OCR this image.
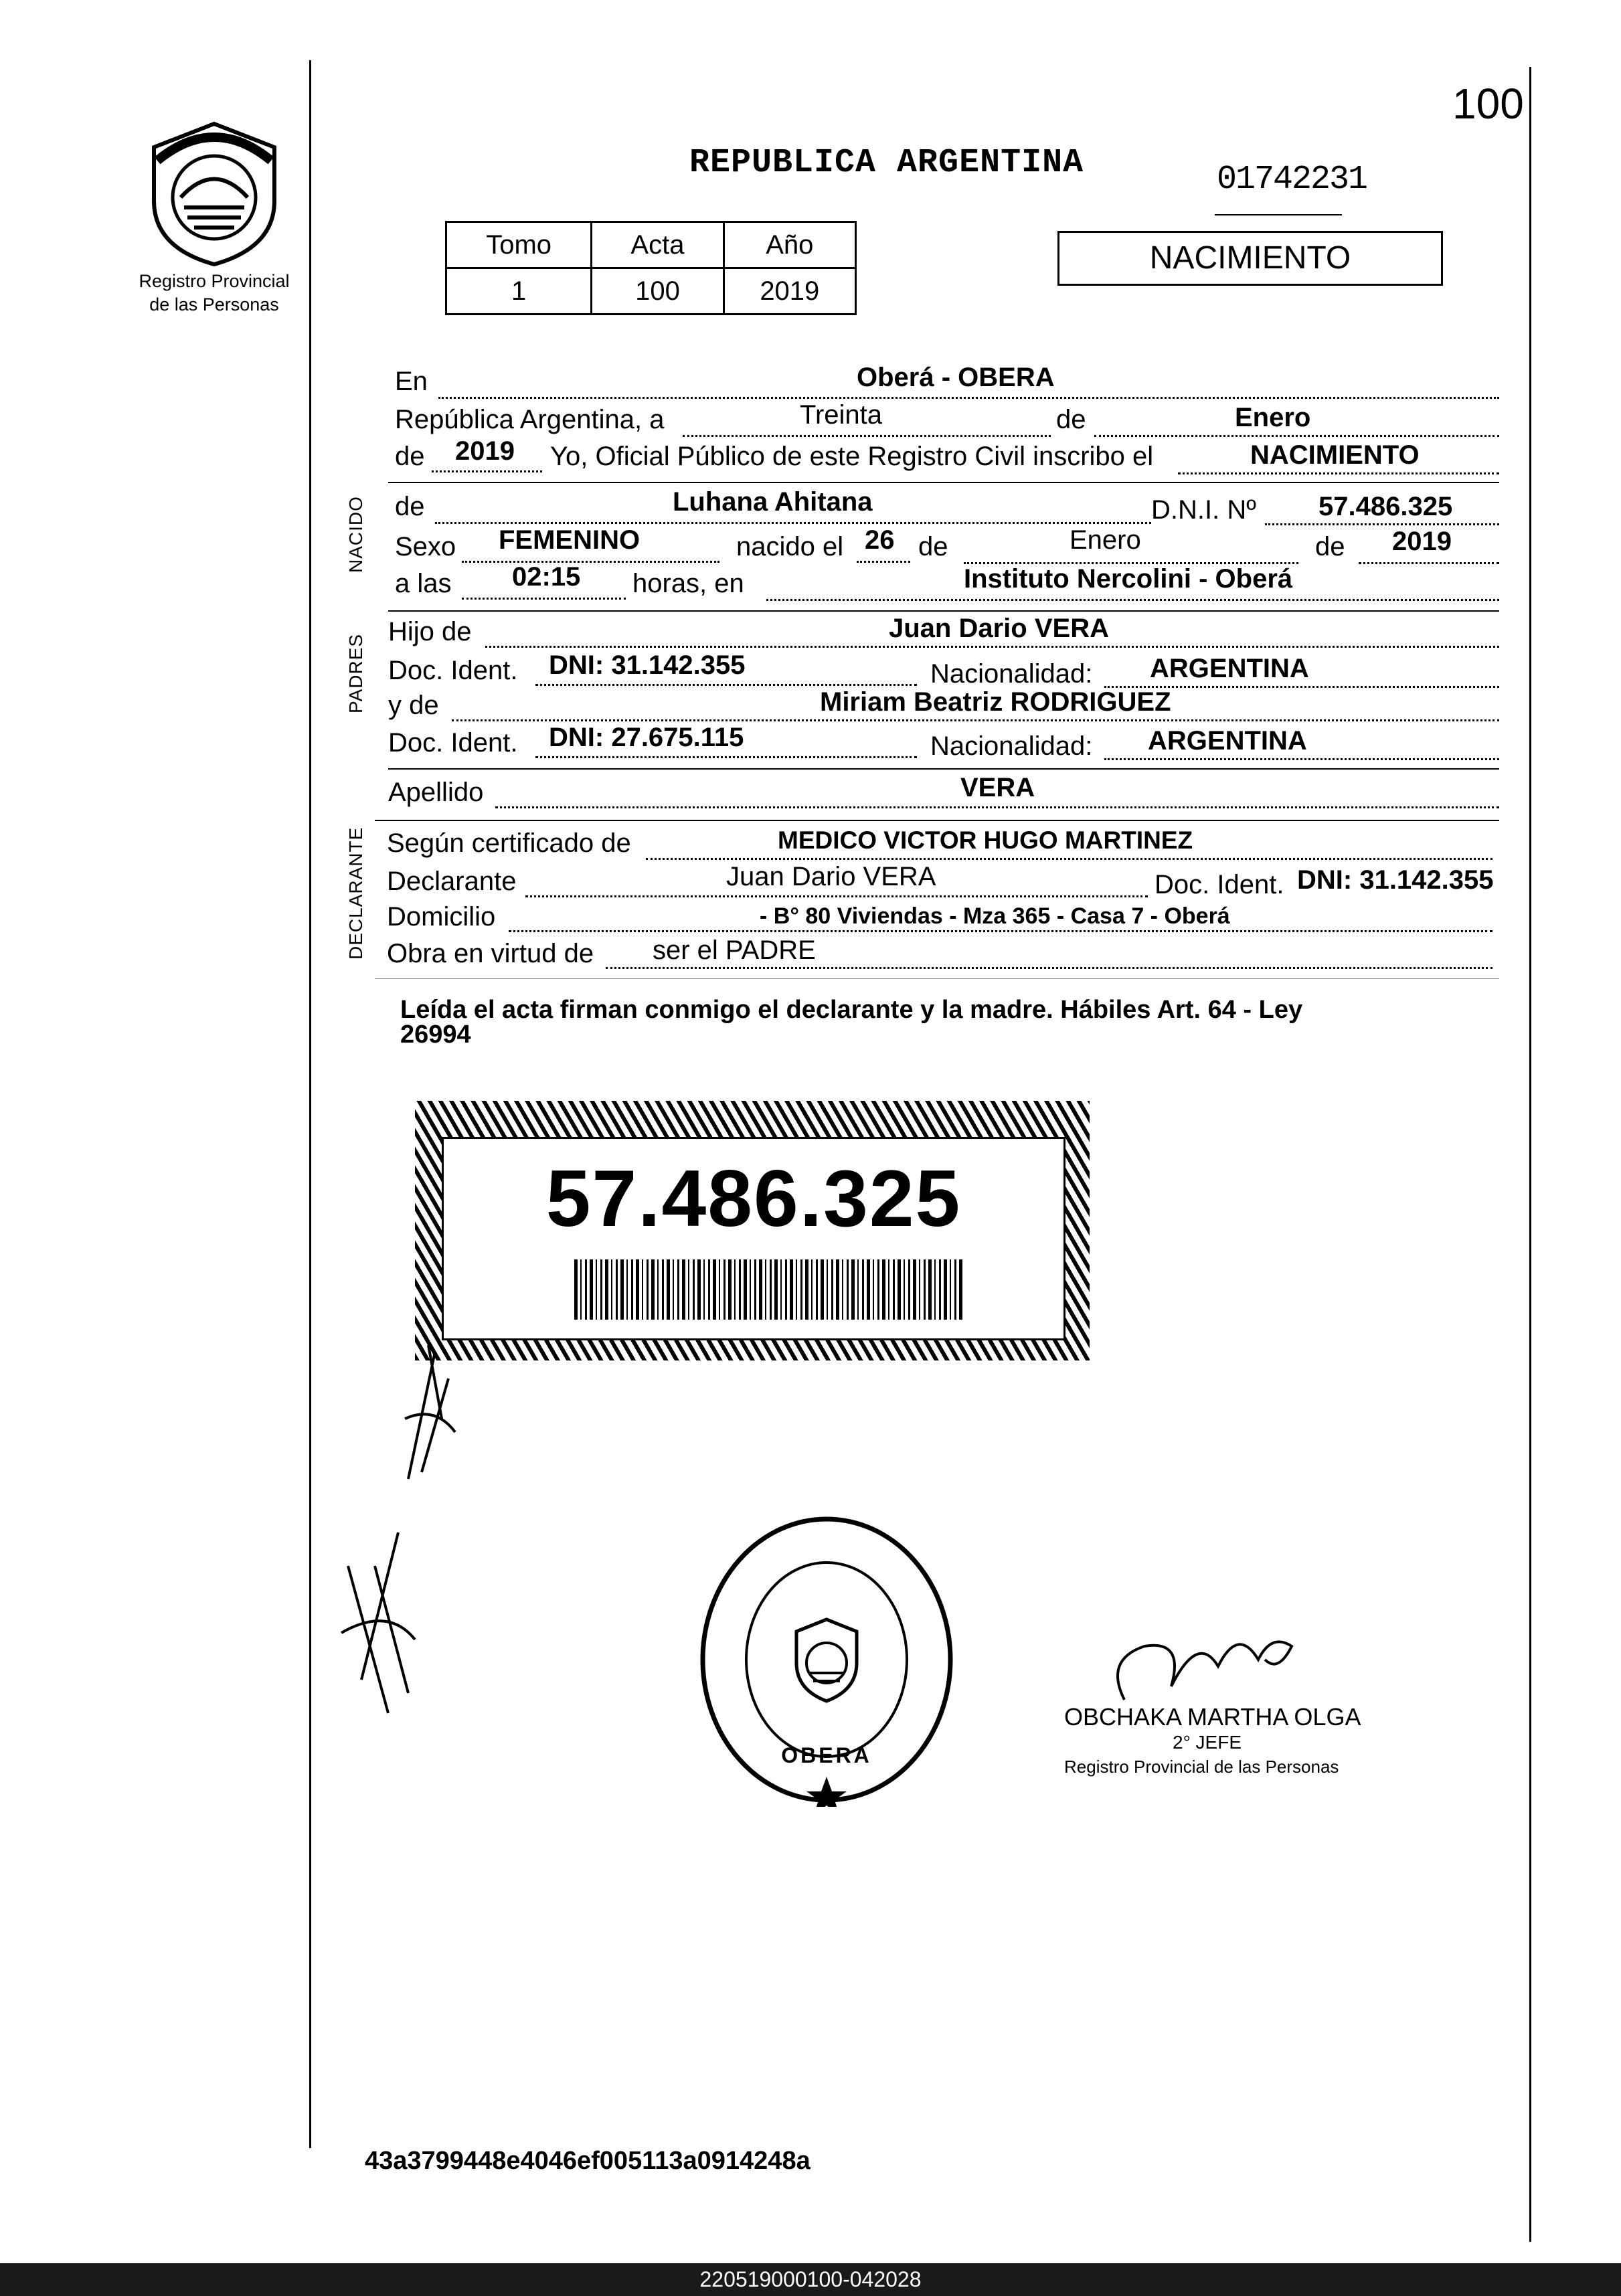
100
Registro Provincial
de las Personas
REPUBLICA ARGENTINA	01742231
Tomo	Acta	Año
1	100	2019
NACIMIENTO
En	Oberá - OBERA
República Argentina, a	Treinta	de	Enero
de 2019 Yo, Oficial Público de este Registro Civil inscribo el	NACIMIENTO
NACIDO de	Luhana Ahitana	D.N.I. Nº 57.486.325
Sexo FEMENINO	nacido el 26 de	Enero	de 2019
a las 02:15 horas, en	Instituto Nercolini - Oberá
PADRES
Hijo de	Juan Dario VERA
Doc. Ident. DNI: 31.142.355	Nacionalidad: ARGENTINA
y de	Miriam Beatriz RODRIGUEZ
Doc. Ident. DNI: 27.675.115	Nacionalidad: ARGENTINA
Apellido	VERA
DECLARANTE Según certificado de	MEDICO VICTOR HUGO MARTINEZ
Declarante	Juan Dario VERA	Doc. Ident. DNI: 31.142.355
Domicilio	- B° 80 Viviendas - Mza 365 - Casa 7 - Oberá
Obra en virtud de ser el PADRE
Leída el acta firman conmigo el declarante y la madre. Hábiles Art. 64 - Ley
26994
57.486.325
OBERA
OBCHAKA MARTHA OLGA
2° JEFE
Registro Provincial de las Personas
43a3799448e4046ef005113a0914248a
220519000100-042028
